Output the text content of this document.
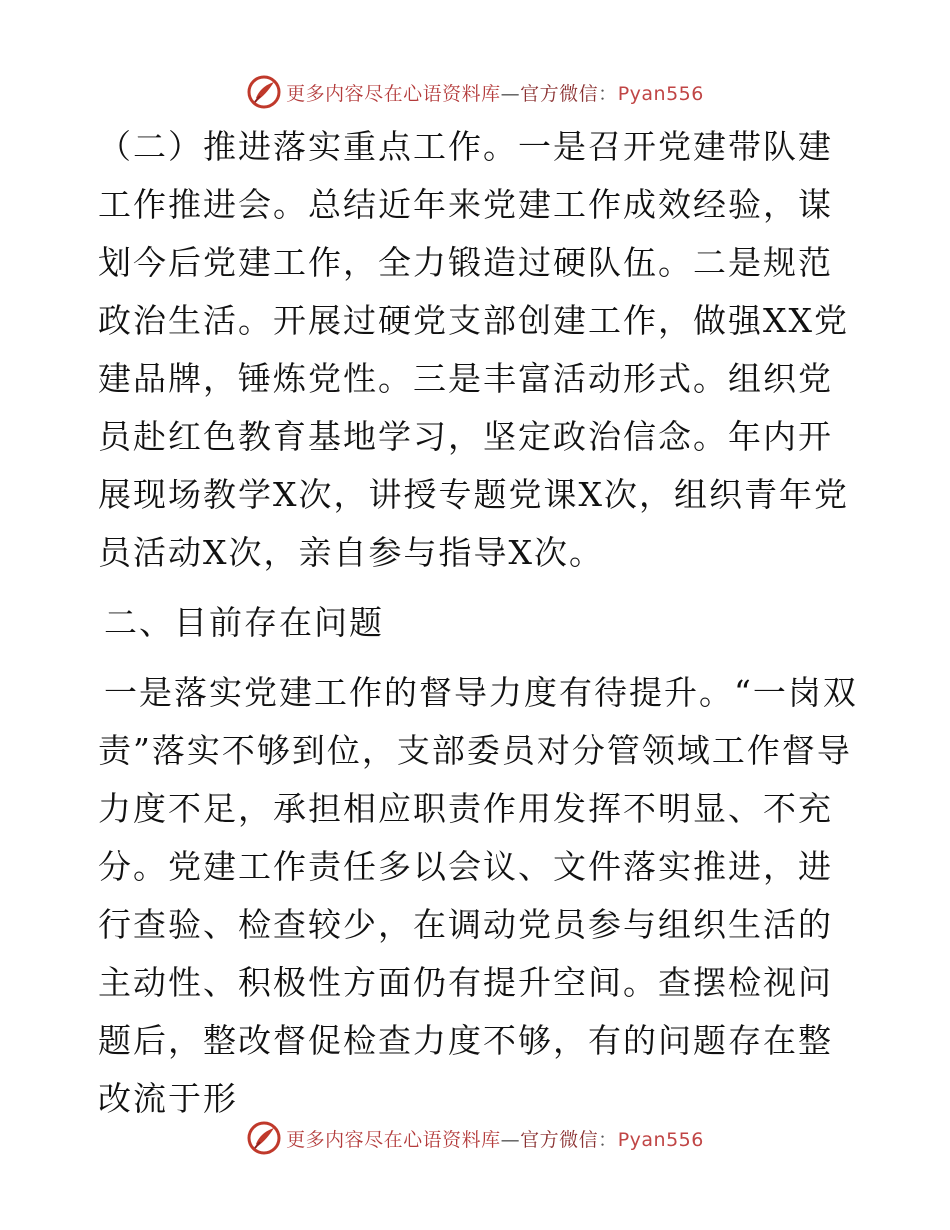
更多内容尽在心语资料库—官方微信：Pyan556

（二）推进落实重点工作。一是召开党建带队建工作推进会。总结近年来党建工作成效经验，谋划今后党建工作，全力锻造过硬队伍。二是规范政治生活。开展过硬党支部创建工作，做强XX党建品牌，锤炼党性。三是丰富活动形式。组织党员赴红色教育基地学习，坚定政治信念。年内开展现场教学X次，讲授专题党课X次，组织青年党员活动X次，亲自参与指导X次。

二、目前存在问题

一是落实党建工作的督导力度有待提升。“一岗双责”落实不够到位，支部委员对分管领域工作督导力度不足，承担相应职责作用发挥不明显、不充分。党建工作责任多以会议、文件落实推进，进行查验、检查较少，在调动党员参与组织生活的主动性、积极性方面仍有提升空间。查摆检视问题后，整改督促检查力度不够，有的问题存在整改流于形

更多内容尽在心语资料库—官方微信：Pyan556
